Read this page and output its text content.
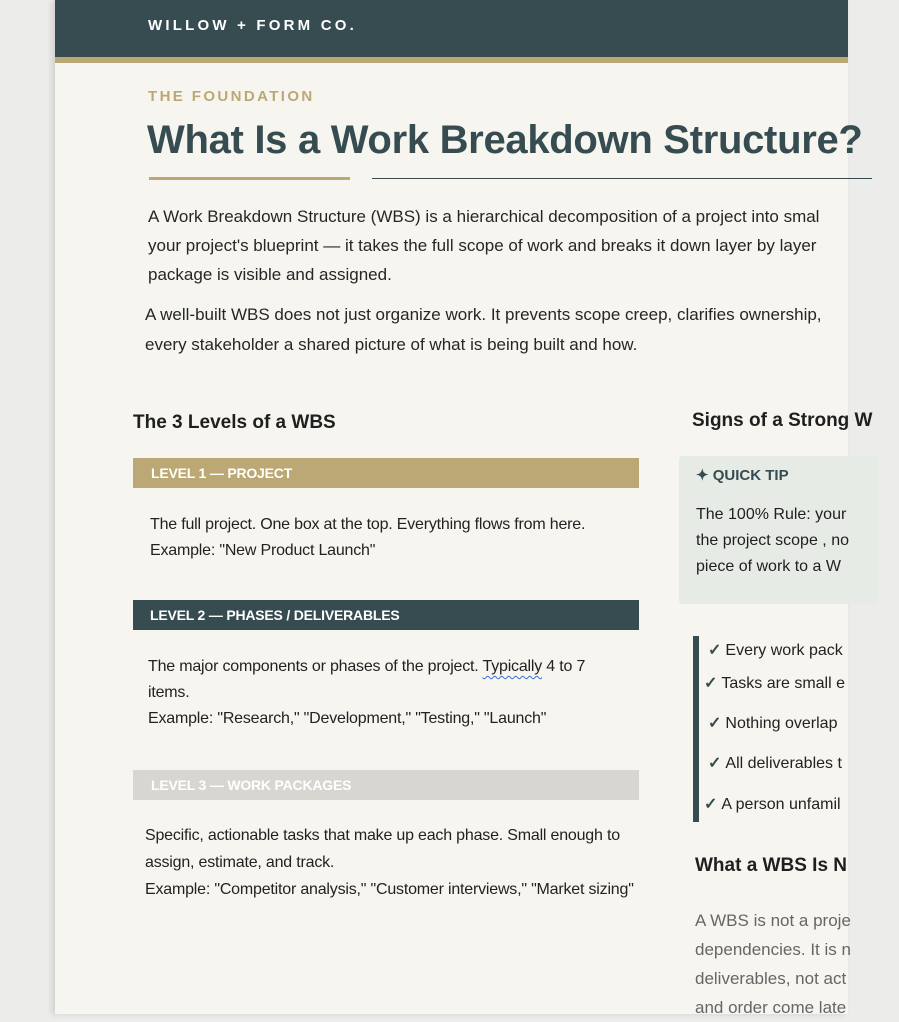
WILLOW + FORM CO.
THE FOUNDATION
What Is a Work Breakdown Structure?
A Work Breakdown Structure (WBS) is a hierarchical decomposition of a project into smal
your project's blueprint — it takes the full scope of work and breaks it down layer by layer
package is visible and assigned.
A well-built WBS does not just organize work. It prevents scope creep, clarifies ownership,
every stakeholder a shared picture of what is being built and how.
The 3 Levels of a WBS
LEVEL 1 — PROJECT
The full project. One box at the top. Everything flows from here.
Example: "New Product Launch"
LEVEL 2 — PHASES / DELIVERABLES
The major components or phases of the project. Typically 4 to 7 items.
Example: "Research," "Development," "Testing," "Launch"
LEVEL 3 — WORK PACKAGES
Specific, actionable tasks that make up each phase. Small enough to assign, estimate, and track.
Example: "Competitor analysis," "Customer interviews," "Market sizing"
Signs of a Strong W
✦ QUICK TIP
The 100% Rule: your
the project scope , no
piece of work to a W
✓ Every work pack
✓ Tasks are small e
✓ Nothing overlap
✓ All deliverables t
✓ A person unfamil
What a WBS Is N
A WBS is not a proje
dependencies. It is n
deliverables, not act
and order come late
